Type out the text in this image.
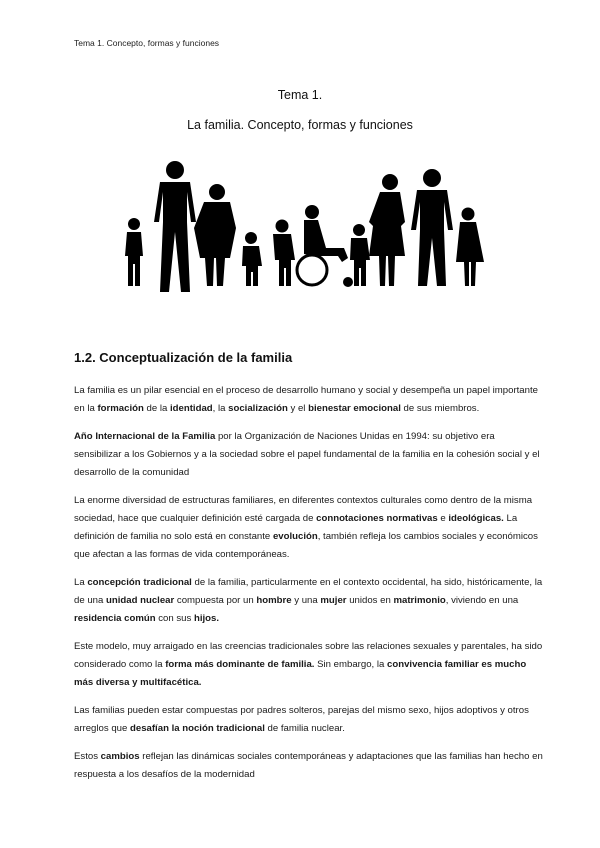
Tema 1. Concepto, formas y funciones
Tema 1.
La familia. Concepto, formas y funciones
1.2. Conceptualización de la familia

La familia es un pilar esencial en el proceso de desarrollo humano y social y desempeña un papel importante en la formación de la identidad, la socialización y el bienestar emocional de sus miembros.

Año Internacional de la Familia por la Organización de Naciones Unidas en 1994: su objetivo era sensibilizar a los Gobiernos y a la sociedad sobre el papel fundamental de la familia en la cohesión social y el desarrollo de la comunidad

La enorme diversidad de estructuras familiares, en diferentes contextos culturales como dentro de la misma sociedad, hace que cualquier definición esté cargada de connotaciones normativas e ideológicas. La definición de familia no solo está en constante evolución, también refleja los cambios sociales y económicos que afectan a las formas de vida contemporáneas.

La concepción tradicional de la familia, particularmente en el contexto occidental, ha sido, históricamente, la de una unidad nuclear compuesta por un hombre y una mujer unidos en matrimonio, viviendo en una residencia común con sus hijos.

Este modelo, muy arraigado en las creencias tradicionales sobre las relaciones sexuales y parentales, ha sido considerado como la forma más dominante de familia. Sin embargo, la convivencia familiar es mucho más diversa y multifacética.

Las familias pueden estar compuestas por padres solteros, parejas del mismo sexo, hijos adoptivos y otros arreglos que desafían la noción tradicional de familia nuclear.

Estos cambios reflejan las dinámicas sociales contemporáneas y adaptaciones que las familias han hecho en respuesta a los desafíos de la modernidad
